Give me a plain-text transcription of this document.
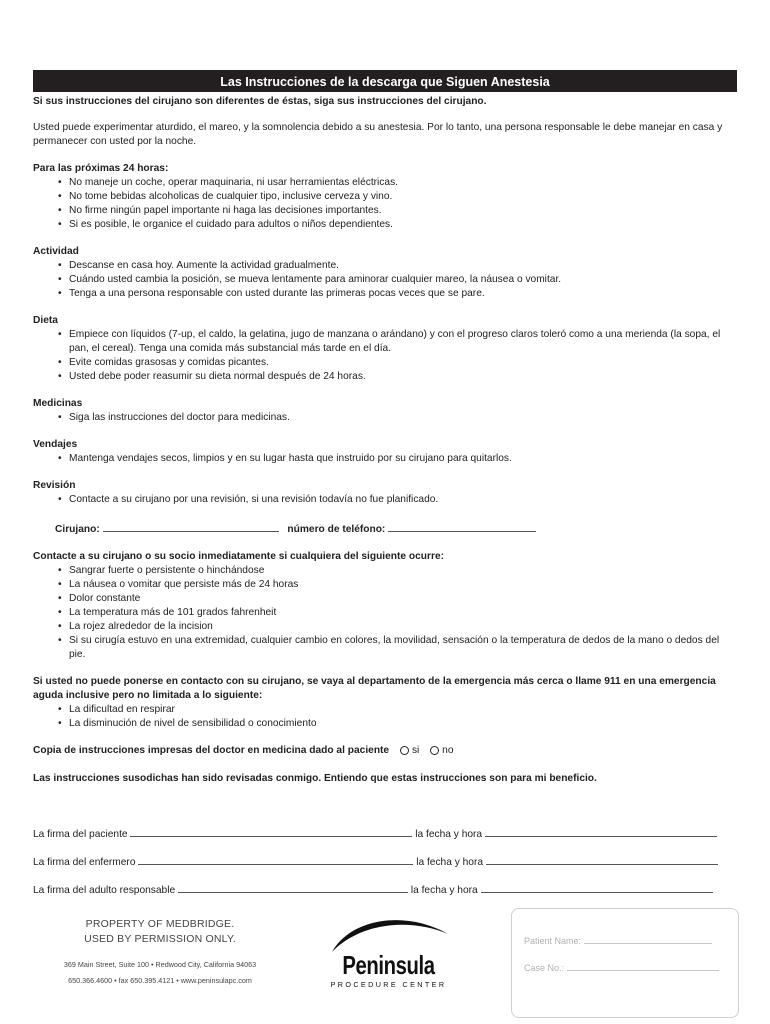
Las Instrucciones de la descarga que Siguen Anestesia

Si sus instrucciones del cirujano son diferentes de éstas, siga sus instrucciones del cirujano.

Usted puede experimentar aturdido, el mareo, y la somnolencia debido a su anestesia. Por lo tanto, una persona responsable le debe manejar en casa y permanecer con usted por la noche.

Para las próximas 24 horas:
• No maneje un coche, operar maquinaria, ni usar herramientas eléctricas.
• No tome bebidas alcoholicas de cualquier tipo, inclusive cerveza y vino.
• No firme ningún papel importante ni haga las decisiones importantes.
• Si es posible, le organice el cuidado para adultos o niños dependientes.
Actividad
• Descanse en casa hoy. Aumente la actividad gradualmente.
• Cuándo usted cambia la posición, se mueva lentamente para aminorar cualquier mareo, la náusea o vomitar.
• Tenga a una persona responsable con usted durante las primeras pocas veces que se pare.
Dieta
• Empiece con líquidos (7-up, el caldo, la gelatina, jugo de manzana o arándano) y con el progreso claros toleró como a una merienda (la sopa, el pan, el cereal). Tenga una comida más substancial más tarde en el día.
• Evite comidas grasosas y comidas picantes.
• Usted debe poder reasumir su dieta normal después de 24 horas.
Medicinas
• Siga las instrucciones del doctor para medicinas.
Vendajes
• Mantenga vendajes secos, limpios y en su lugar hasta que instruido por su cirujano para quitarlos.
Revisión
• Contacte a su cirujano por una revisión, si una revisión todavía no fue planificado.
Cirujano:	número de teléfono:
Contacte a su cirujano o su socio inmediatamente si cualquiera del siguiente ocurre:
• Sangrar fuerte o persistente o hinchándose
• La náusea o vomitar que persiste más de 24 horas
• Dolor constante
• La temperatura más de 101 grados fahrenheit
• La rojez alrededor de la incision
• Si su cirugía estuvo en una extremidad, cualquier cambio en colores, la movilidad, sensación o la temperatura de dedos de la mano o dedos del pie.
Si usted no puede ponerse en contacto con su cirujano, se vaya al departamento de la emergencia más cerca o llame 911 en una emergencia aguda inclusive pero no limitada a lo siguiente:
• La dificultad en respirar
• La disminución de nivel de sensibilidad o conocimiento
Copia de instrucciones impresas del doctor en medicina dado al paciente si no
Las instrucciones susodichas han sido revisadas conmigo. Entiendo que estas instrucciones son para mi beneficio.
La firma del paciente	la fecha y hora
La firma del enfermero	la fecha y hora
La firma del adulto responsable	la fecha y hora
PROPERTY OF MEDBRIDGE.
USED BY PERMISSION ONLY.
369 Main Street, Suite 100 • Redwood City, California 94063
650.366.4600 • fax 650.395.4121 • www.peninsulapc.com
Peninsula
PROCEDURE CENTER
Patient Name:
Case No.:
